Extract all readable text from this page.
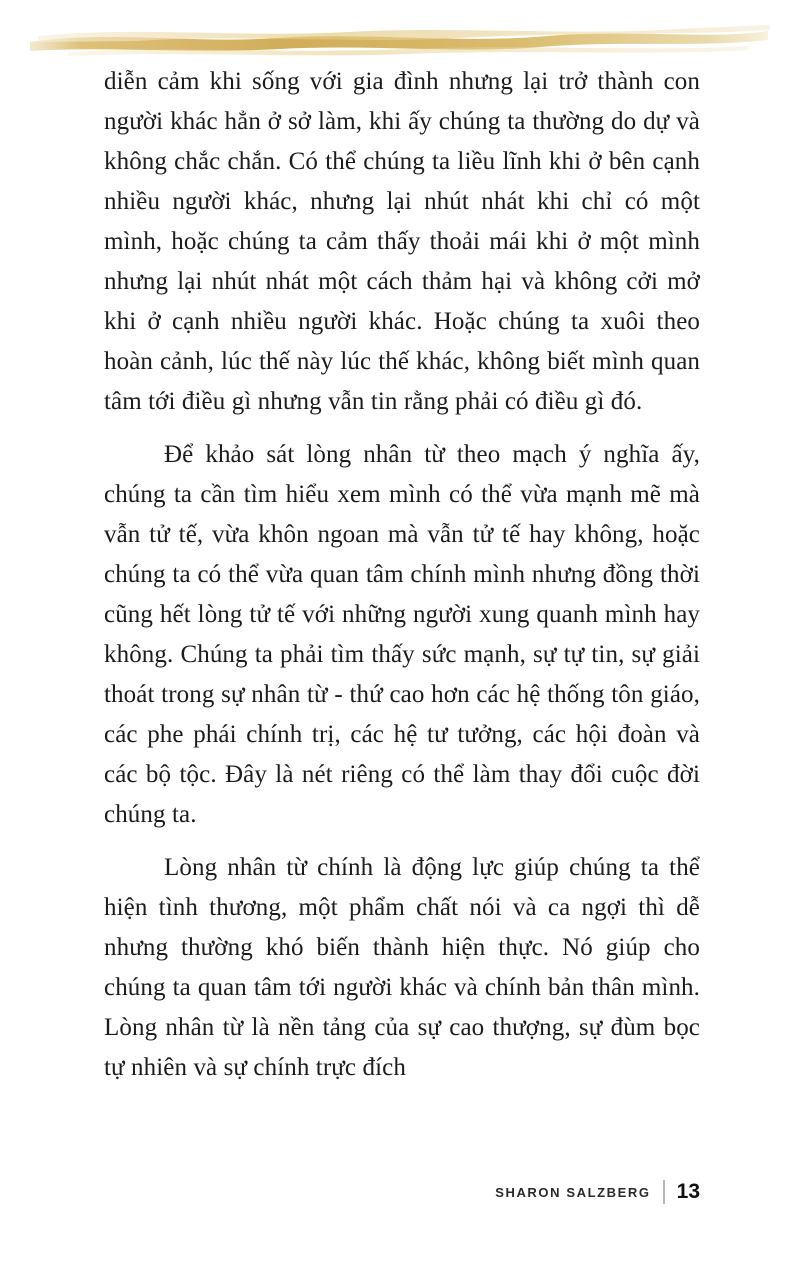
diễn cảm khi sống với gia đình nhưng lại trở thành con người khác hẳn ở sở làm, khi ấy chúng ta thường do dự và không chắc chắn. Có thể chúng ta liều lĩnh khi ở bên cạnh nhiều người khác, nhưng lại nhút nhát khi chỉ có một mình, hoặc chúng ta cảm thấy thoải mái khi ở một mình nhưng lại nhút nhát một cách thảm hại và không cởi mở khi ở cạnh nhiều người khác. Hoặc chúng ta xuôi theo hoàn cảnh, lúc thế này lúc thế khác, không biết mình quan tâm tới điều gì nhưng vẫn tin rằng phải có điều gì đó.

Để khảo sát lòng nhân từ theo mạch ý nghĩa ấy, chúng ta cần tìm hiểu xem mình có thể vừa mạnh mẽ mà vẫn tử tế, vừa khôn ngoan mà vẫn tử tế hay không, hoặc chúng ta có thể vừa quan tâm chính mình nhưng đồng thời cũng hết lòng tử tế với những người xung quanh mình hay không. Chúng ta phải tìm thấy sức mạnh, sự tự tin, sự giải thoát trong sự nhân từ - thứ cao hơn các hệ thống tôn giáo, các phe phái chính trị, các hệ tư tưởng, các hội đoàn và các bộ tộc. Đây là nét riêng có thể làm thay đổi cuộc đời chúng ta.

Lòng nhân từ chính là động lực giúp chúng ta thể hiện tình thương, một phẩm chất nói và ca ngợi thì dễ nhưng thường khó biến thành hiện thực. Nó giúp cho chúng ta quan tâm tới người khác và chính bản thân mình. Lòng nhân từ là nền tảng của sự cao thượng, sự đùm bọc tự nhiên và sự chính trực đích

SHARON SALZBERG 13
